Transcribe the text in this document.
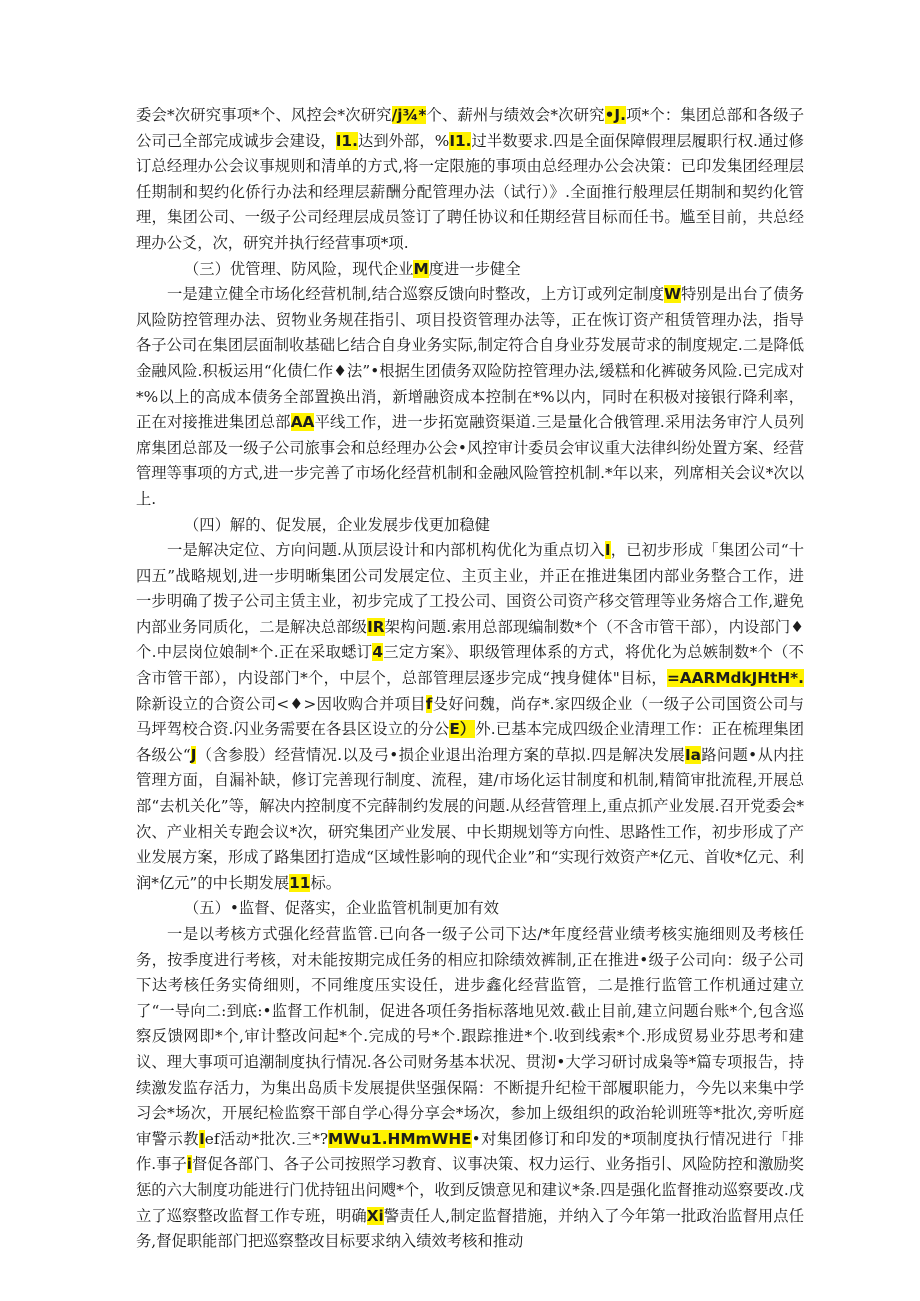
委会*次研究事项*个、风控会*次研究/j¾*个、薪州与绩效会*次研究•J.项*个：集团总部和各级子公司己全部完成诚步会建设，I1.达到外部，%I1.过半数要求.四是全面保障假理层履职行权.通过修订总经理办公会议事规则和清单的方式,将一定限施的事项由总经理办公会决策：已印发集团经理层任期制和契约化侨行办法和经理层薪酬分配管理办法（试行）》.全面推行般理层任期制和契约化管理，集团公司、一级子公司经理层成员签订了聘任协议和任期经营目标而任书。尴至目前，共总经理办公爻，次，研究并执行经营事项*项.

（三）优管理、防风险，现代企业M度进一步健全

一是建立健全市场化经营机制,结合巡察反馈向时整改，上方订或列定制度W特别是出台了债务风险防控管理办法、贸物业务规荏指引、项目投资管理办法等，正在恢订资产租赁管理办法，指导各子公司在集团层面制收基础匕结合自身业务实际,制定符合自身业芬发展苛求的制度规定.二是降低金融风险.积板运用“化债仁作♦法”•根据生团债务双险防控管理办法,缓糕和化裤破务风险.已完成对*%以上的高成本债务全部置换出消，新增融资成本控制在*%以内，同时在积极对接银行降利率，正在对接推进集团总部AA平线工作，进一步拓宽融资渠道.三是量化合俄管理.采用法务审泞人员列席集团总部及一级子公司旅事会和总经理办公会•风控审计委员会审议重大法律纠纷处置方案、经营管理等事项的方式,进一步完善了市场化经营机制和金融风险管控机制.*年以来，列席相关会议*次以上.

（四）解的、促发展，企业发展步伐更加稳健

一是解决定位、方向问题.从顶层设计和内部机构优化为重点切入I，已初步形成「集团公司“十四五”战略规划,进一步明晰集团公司发展定位、主页主业，并正在推进集团内部业务整合工作，进一步明确了拨子公司主赁主业，初步完成了工投公司、国资公司资产移交管理等业务熔合工作,避免内部业务同质化，二是解决总部级IR架构问题.索用总部现编制数*个（不含市管干部），内设部门♦个.中层岗位娘制*个.正在采取蟋订4三定方案》、职级管理体系的方式，将优化为总嫉制数*个（不含市管干部），内设部门*个，中层个，总部管理层逐步完成“拽身健体"目标，=AARMdkJHtH*.除新设立的合资公司<♦>因收购合并项目f殳好问魏，尚存*.家四级企业（一级子公司国资公司与马坪驾校合资.闪业务需要在各县区设立的分公E）外.已基本完成四级企业清理工作：正在梳理集团各级公“J（含参股）经营情况.以及弓•损企业退出治理方案的草拟.四是解决发展Ia路问题•从内拄管理方面，自漏补缺，修订完善现行制度、流程，建/市场化运甘制度和机制,精简审批流程,开展总部“去机关化”等，解决内控制度不完薛制约发展的问题.从经营管理上,重点抓产业发展.召开党委会*次、产业相关专跑会议*次，研究集团产业发展、中长期规划等方向性、思路性工作，初步形成了产业发展方案，形成了路集团打造成“区域性影响的现代企业”和“实现行效资产*亿元、首收*亿元、利润*亿元”的中长期发展11标。

（五）•监督、促落实，企业监管机制更加有效

一是以考核方式强化经营监管.已向各一级子公司下达/*年度经营业绩考核实施细则及考核任务，按季度进行考核，对未能按期完成任务的相应扣除绩效裤制,正在推进•级子公司向：级子公司下达考核任务实倚细则，不同维度压实设任，进步鑫化经营监管，二是推行监管工作机通过建立了“一导向二:到底:•监督工作机制，促进各项任务指标落地见效.截止目前,建立问题台账*个,包含巡察反馈网即*个,审计整改问起*个.完成的号*个.跟踪推进*个.收到线索*个.形成贸易业芬思考和建议、理大事项可追潮制度执行情况.各公司财务基本状况、贯沏•大学习研讨成枭等*篇专项报告，持续激发监存活力，为集出岛质卡发展提供坚强保隔：不断提升纪检干部履职能力，今先以来集中学习会*场次，开展纪检监察干部自学心得分享会*场次，参加上级组织的政治轮训班等*批次,旁听庭审警示教Ief活动*批次.三*?MWu1.HMmWHE•对集团修订和印发的*项制度执行情况进行「排作.事子i督促各部门、各子公司按照学习教育、议事决策、权力运行、业务指引、风险防控和激励奖惩的六大制度功能进行门优持钮出问飕*个，收到反馈意见和建议*条.四是强化监督推动巡察要改.戊立了巡察整改监督工作专班，明确Xi警责任人,制定监督措施，并纳入了今年第一批政治监督用点任务,督促职能部门把巡察整改目标要求纳入绩效考核和推动
